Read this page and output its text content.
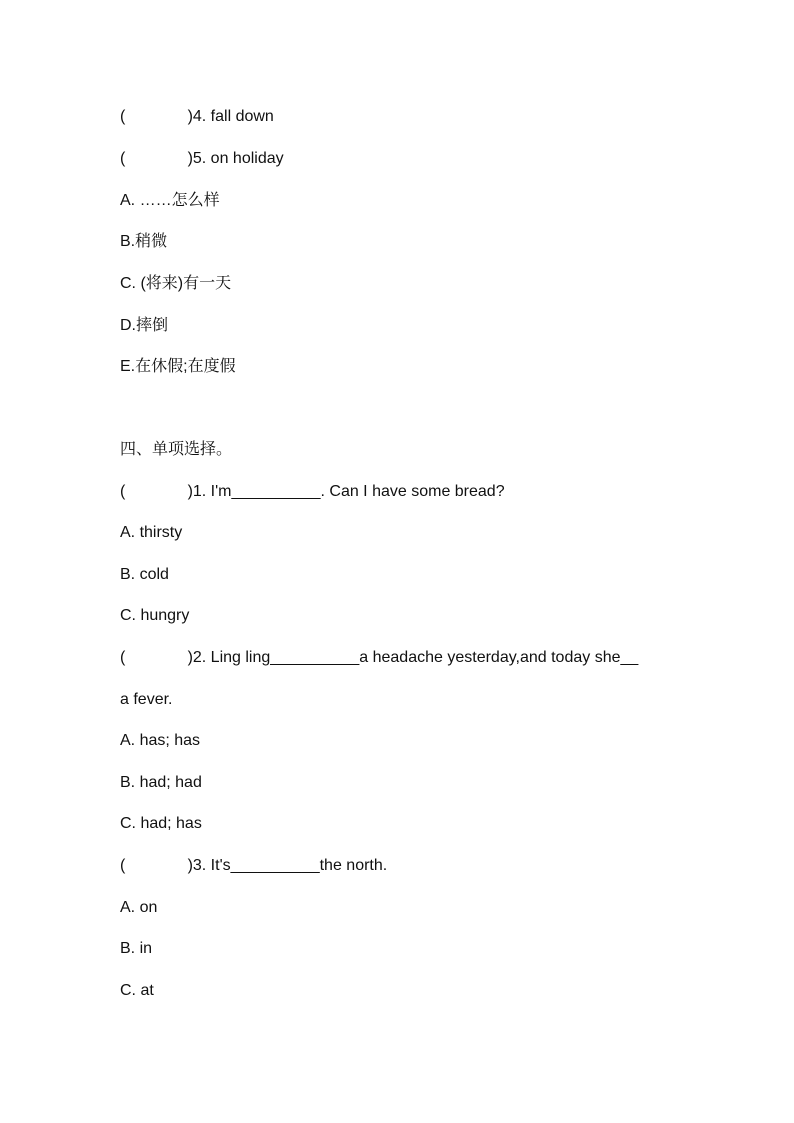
(              )4. fall down
(              )5. on holiday
A. ……怎么样
B.稍微
C. (将来)有一天
D.摔倒
E.在休假;在度假
四、单项选择。
(              )1. I'm__________. Can I have some bread?
A. thirsty
B. cold
C. hungry
(              )2. Ling ling__________a headache yesterday,and today she__
a fever.
A. has; has
B. had; had
C. had; has
(              )3. It's__________the north.
A. on
B. in
C. at
